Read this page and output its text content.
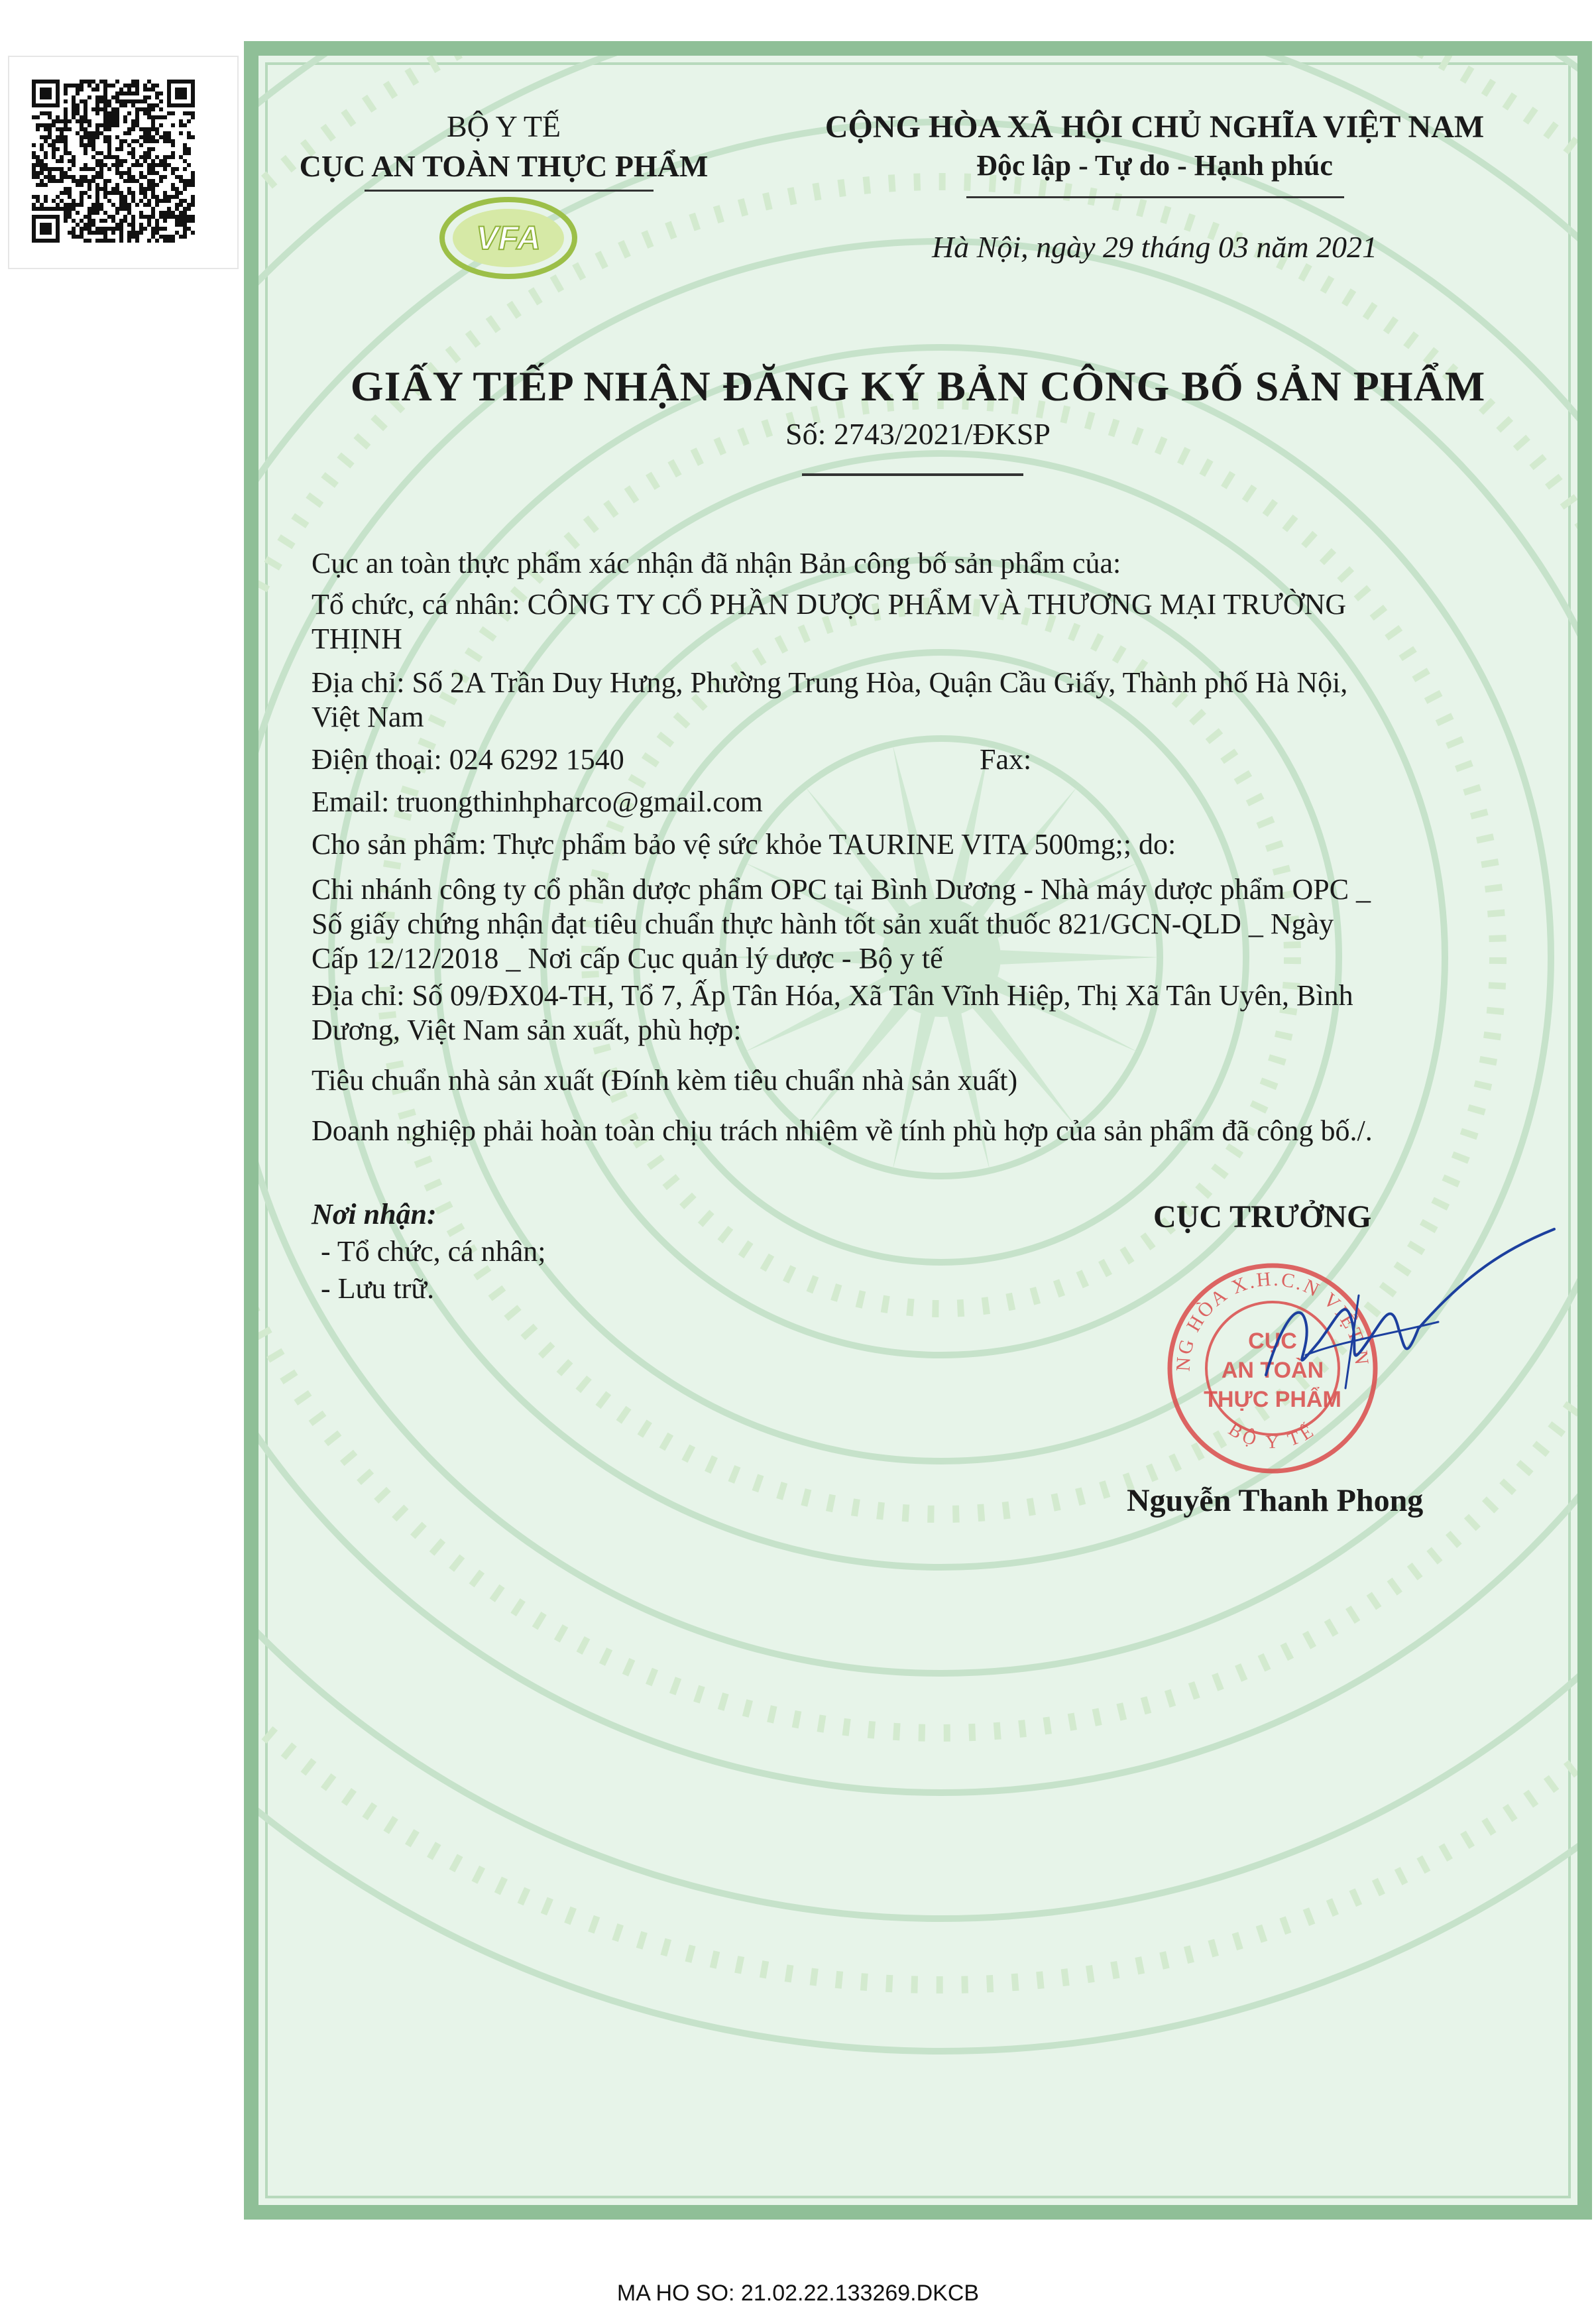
BỘ Y TẾ
CỤC AN TOÀN THỰC PHẨM
VFA
CỘNG HÒA XÃ HỘI CHỦ NGHĨA VIỆT NAM
Độc lập - Tự do - Hạnh phúc
Hà Nội, ngày 29 tháng 03 năm 2021
GIẤY TIẾP NHẬN ĐĂNG KÝ BẢN CÔNG BỐ SẢN PHẨM
Số: 2743/2021/ĐKSP
Cục an toàn thực phẩm xác nhận đã nhận Bản công bố sản phẩm của:
Tổ chức, cá nhân: CÔNG TY CỔ PHẦN DƯỢC PHẨM VÀ THƯƠNG MẠI TRƯỜNG
THỊNH
Địa chỉ: Số 2A Trần Duy Hưng, Phường Trung Hòa, Quận Cầu Giấy, Thành phố Hà Nội,
Việt Nam
Điện thoại: 024 6292 1540	Fax:
Email: truongthinhpharco@gmail.com
Cho sản phẩm: Thực phẩm bảo vệ sức khỏe TAURINE VITA 500mg;; do:
Chi nhánh công ty cổ phần dược phẩm OPC tại Bình Dương - Nhà máy dược phẩm OPC _
Số giấy chứng nhận đạt tiêu chuẩn thực hành tốt sản xuất thuốc 821/GCN-QLD _ Ngày
Cấp 12/12/2018 _ Nơi cấp Cục quản lý dược - Bộ y tế
Địa chỉ: Số 09/ĐX04-TH, Tổ 7, Ấp Tân Hóa, Xã Tân Vĩnh Hiệp, Thị Xã Tân Uyên, Bình
Dương, Việt Nam sản xuất, phù hợp:
Tiêu chuẩn nhà sản xuất (Đính kèm tiêu chuẩn nhà sản xuất)
Doanh nghiệp phải hoàn toàn chịu trách nhiệm về tính phù hợp của sản phẩm đã công bố./.
Nơi nhận:
- Tổ chức, cá nhân;
- Lưu trữ.
CỤC TRƯỞNG
NG HÒA X.H.C.N VIỆT N
BỘ Y TẾ
CỤC
AN TOÀN
THỰC PHẨM
Nguyễn Thanh Phong
MA HO SO: 21.02.22.133269.DKCB
